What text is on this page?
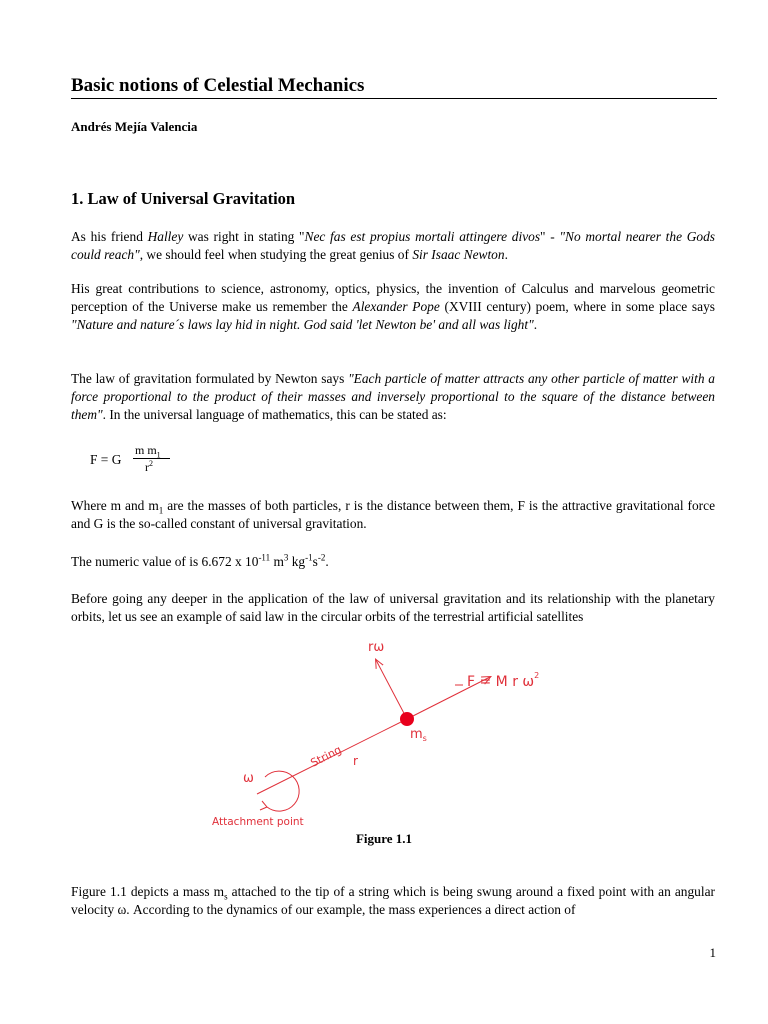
Basic notions of Celestial Mechanics
Andrés Mejía Valencia
1. Law of Universal Gravitation

As his friend Halley was right in stating "Nec fas est propius mortali attingere divos" - "No mortal nearer the Gods could reach", we should feel when studying the great genius of Sir Isaac Newton.

His great contributions to science, astronomy, optics, physics, the invention of Calculus and marvelous geometric perception of the Universe make us remember the Alexander Pope (XVIII century) poem, where in some place says "Nature and nature´s laws lay hid in night. God said 'let Newton be' and all was light".

The law of gravitation formulated by Newton says "Each particle of matter attracts any other particle of matter with a force proportional to the product of their masses and inversely proportional to the square of the distance between them". In the universal language of mathematics, this can be stated as:

F = G
m $m_1$
$r^2$

Where m and $m_1$ are the masses of both particles, r is the distance between them, F is the attractive gravitational force and G is the so-called constant of universal gravitation.

The numeric value of is 6.672 x $10^{-11}$ $m^3$ $kg^{-1}s^{-2}$.

Before going any deeper in the application of the law of universal gravitation and its relationship with the planetary orbits, let us see an example of said law in the circular orbits of the terrestrial artificial satellites

rω
F = M r $\omega^2$
$m_s$
String r
ω
Attachment point
Figure 1.1

Figure 1.1 depicts a mass $m_s$ attached to the tip of a string which is being swung around a fixed point with an angular velocity ω. According to the dynamics of our example, the mass experiences a direct action of

1
